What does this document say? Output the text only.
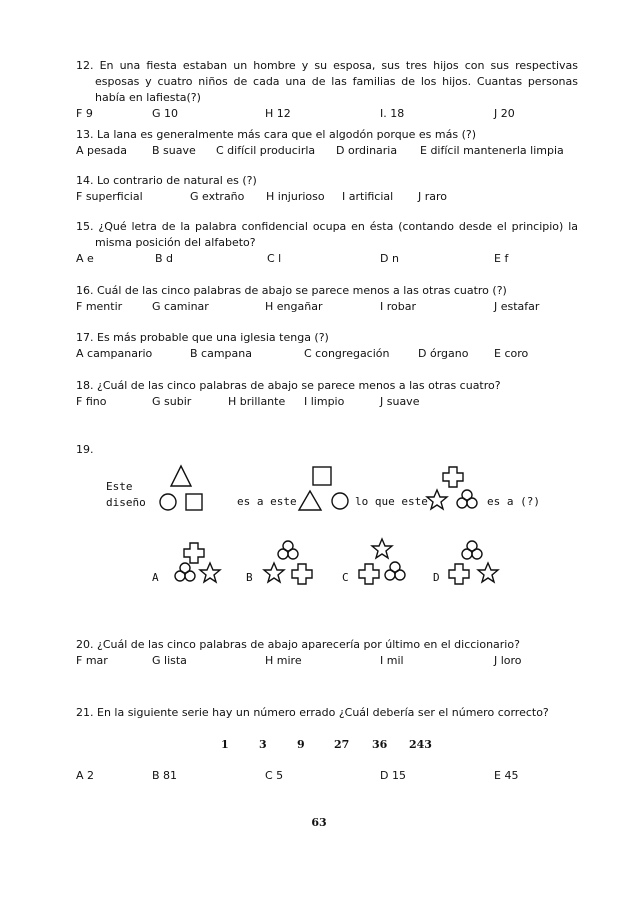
12. En una fiesta estaban un hombre y su esposa, sus tres hijos con sus respectivas esposas y cuatro niños de cada una de las familias de los hijos. Cuantas personas había en lafiesta(?)
F 9	G 10	H 12	I. 18	J 20
13. La lana es generalmente más cara que el algodón porque es más (?)
A pesada B suave C difícil producirla D ordinaria E difícil mantenerla limpia
14. Lo contrario de natural es (?)
F superficial	G extraño H injurioso I artificial J raro
15. ¿Qué letra de la palabra confidencial ocupa en ésta (contando desde el principio) la misma posición del alfabeto?
A e	B d	C l	D n	E f
16. Cuál de las cinco palabras de abajo se parece menos a las otras cuatro (?)
F mentir	G caminar	H engañar	I robar	J estafar
17. Es más probable que una iglesia tenga (?)
A campanario	B campana	C congregación	D órgano E coro
18. ¿Cuál de las cinco palabras de abajo se parece menos a las otras cuatro?
F fino	G subir	H brillante I limpio	J suave
19.
Este
diseño	es a este	lo que este	es a (?)
A	B	C	D
20. ¿Cuál de las cinco palabras de abajo aparecería por último en el diccionario?
F mar	G lista	H mire	I mil	J loro
21. En la siguiente serie hay un número errado ¿Cuál debería ser el número correcto?
1	3	9	27 36 243
A 2	B 81	C 5	D 15	E 45
63
